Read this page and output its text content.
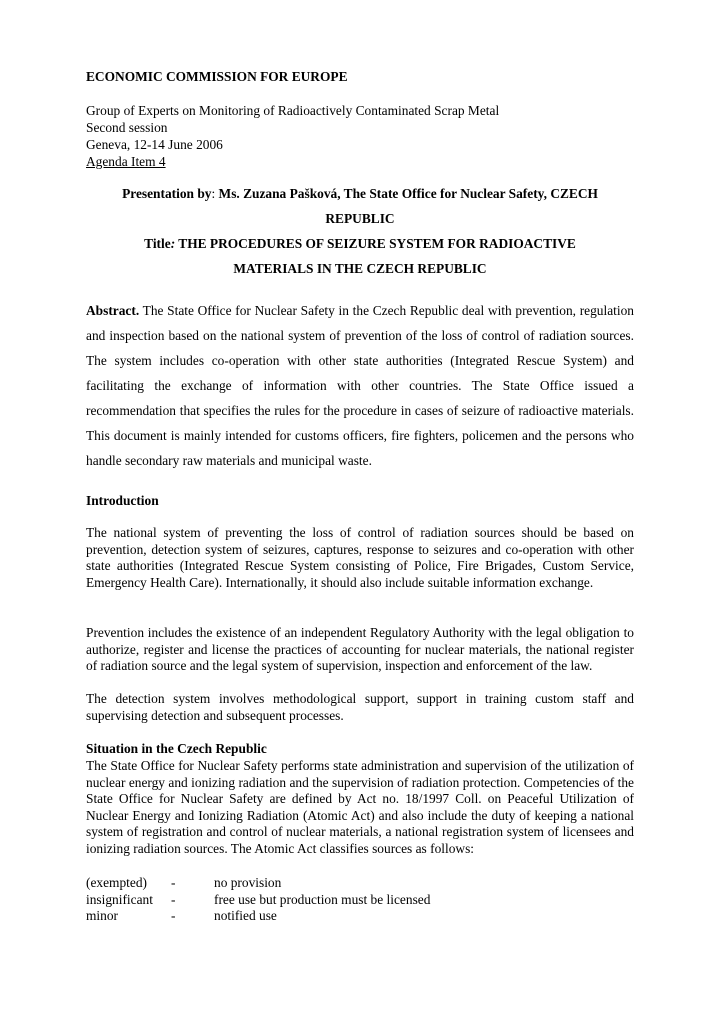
ECONOMIC COMMISSION FOR EUROPE

Group of Experts on Monitoring of Radioactively Contaminated Scrap Metal

Second session

Geneva, 12-14 June 2006

Agenda Item 4

Presentation by: Ms. Zuzana Pašková, The State Office for Nuclear Safety, CZECH
REPUBLIC
Title: THE PROCEDURES OF SEIZURE SYSTEM FOR RADIOACTIVE
MATERIALS IN THE CZECH REPUBLIC

Abstract. The State Office for Nuclear Safety in the Czech Republic deal with prevention, regulation and inspection based on the national system of prevention of the loss of control of radiation sources. The system includes co-operation with other state authorities (Integrated Rescue System) and facilitating the exchange of information with other countries. The State Office issued a recommendation that specifies the rules for the procedure in cases of seizure of radioactive materials. This document is mainly intended for customs officers, fire fighters, policemen and the persons who handle secondary raw materials and municipal waste.

Introduction

The national system of preventing the loss of control of radiation sources should be based on prevention, detection system of seizures, captures, response to seizures and co-operation with other state authorities (Integrated Rescue System consisting of Police, Fire Brigades, Custom Service, Emergency Health Care). Internationally, it should also include suitable information exchange.

Prevention includes the existence of an independent Regulatory Authority with the legal obligation to authorize, register and license the practices of accounting for nuclear materials, the national register of radiation source and the legal system of supervision, inspection and enforcement of the law.

The detection system involves methodological support, support in training custom staff and supervising detection and subsequent processes.

Situation in the Czech Republic

The State Office for Nuclear Safety performs state administration and supervision of the utilization of nuclear energy and ionizing radiation and the supervision of radiation protection. Competencies of the State Office for Nuclear Safety are defined by Act no. 18/1997 Coll. on Peaceful Utilization of Nuclear Energy and Ionizing Radiation (Atomic Act) and also include the duty of keeping a national system of registration and control of nuclear materials, a national registration system of licensees and ionizing radiation sources. The Atomic Act classifies sources as follows:

(exempted) -	no provision
insignificant -	free use but production must be licensed
minor	-	notified use
